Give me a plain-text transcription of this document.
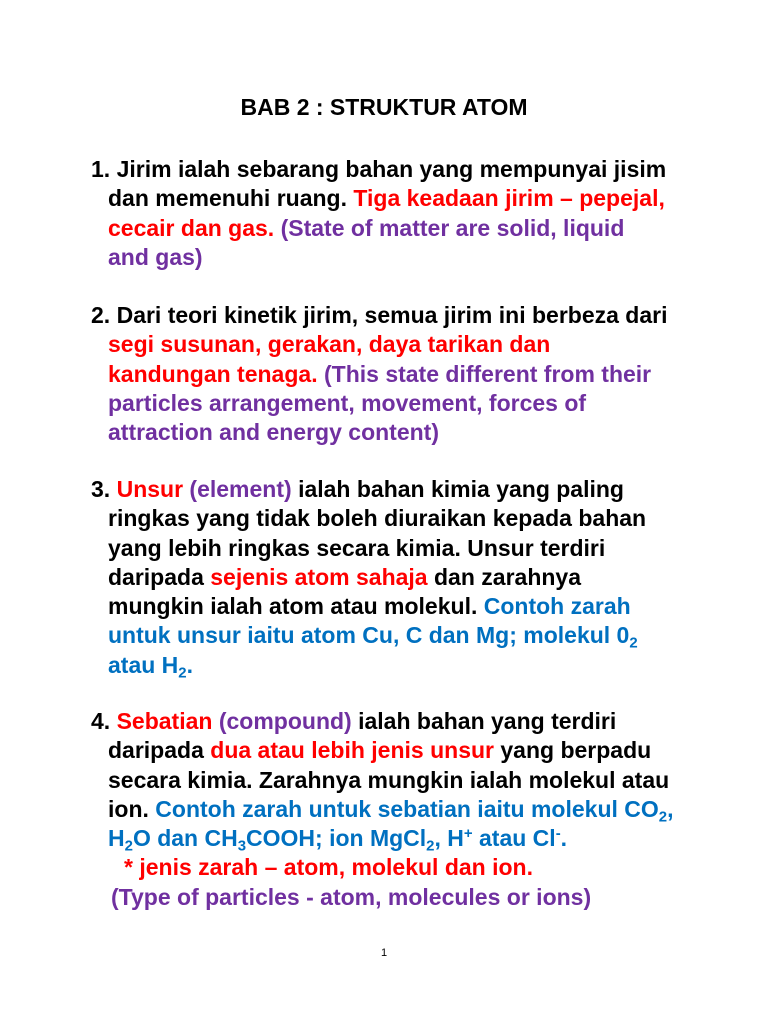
BAB 2 : STRUKTUR ATOM
1. Jirim ialah sebarang bahan yang mempunyai jisim
dan memenuhi ruang. Tiga keadaan jirim – pepejal,
cecair dan gas. (State of matter are solid, liquid
and gas)
2. Dari teori kinetik jirim, semua jirim ini berbeza dari
segi susunan, gerakan, daya tarikan dan
kandungan tenaga. (This state different from their
particles arrangement, movement, forces of
attraction and energy content)
3. Unsur (element) ialah bahan kimia yang paling
ringkas yang tidak boleh diuraikan kepada bahan
yang lebih ringkas secara kimia. Unsur terdiri
daripada sejenis atom sahaja dan zarahnya
mungkin ialah atom atau molekul. Contoh zarah
untuk unsur iaitu atom Cu, C dan Mg; molekul $0_2$
atau $H_2$.
4. Sebatian (compound) ialah bahan yang terdiri
daripada dua atau lebih jenis unsur yang berpadu
secara kimia. Zarahnya mungkin ialah molekul atau
ion. Contoh zarah untuk sebatian iaitu molekul $CO_2$,
$H_2O$ dan $CH_3COOH$; ion MgCl$_2$, H+ atau Cl-.
* jenis zarah – atom, molekul dan ion.
(Type of particles - atom, molecules or ions)
1
